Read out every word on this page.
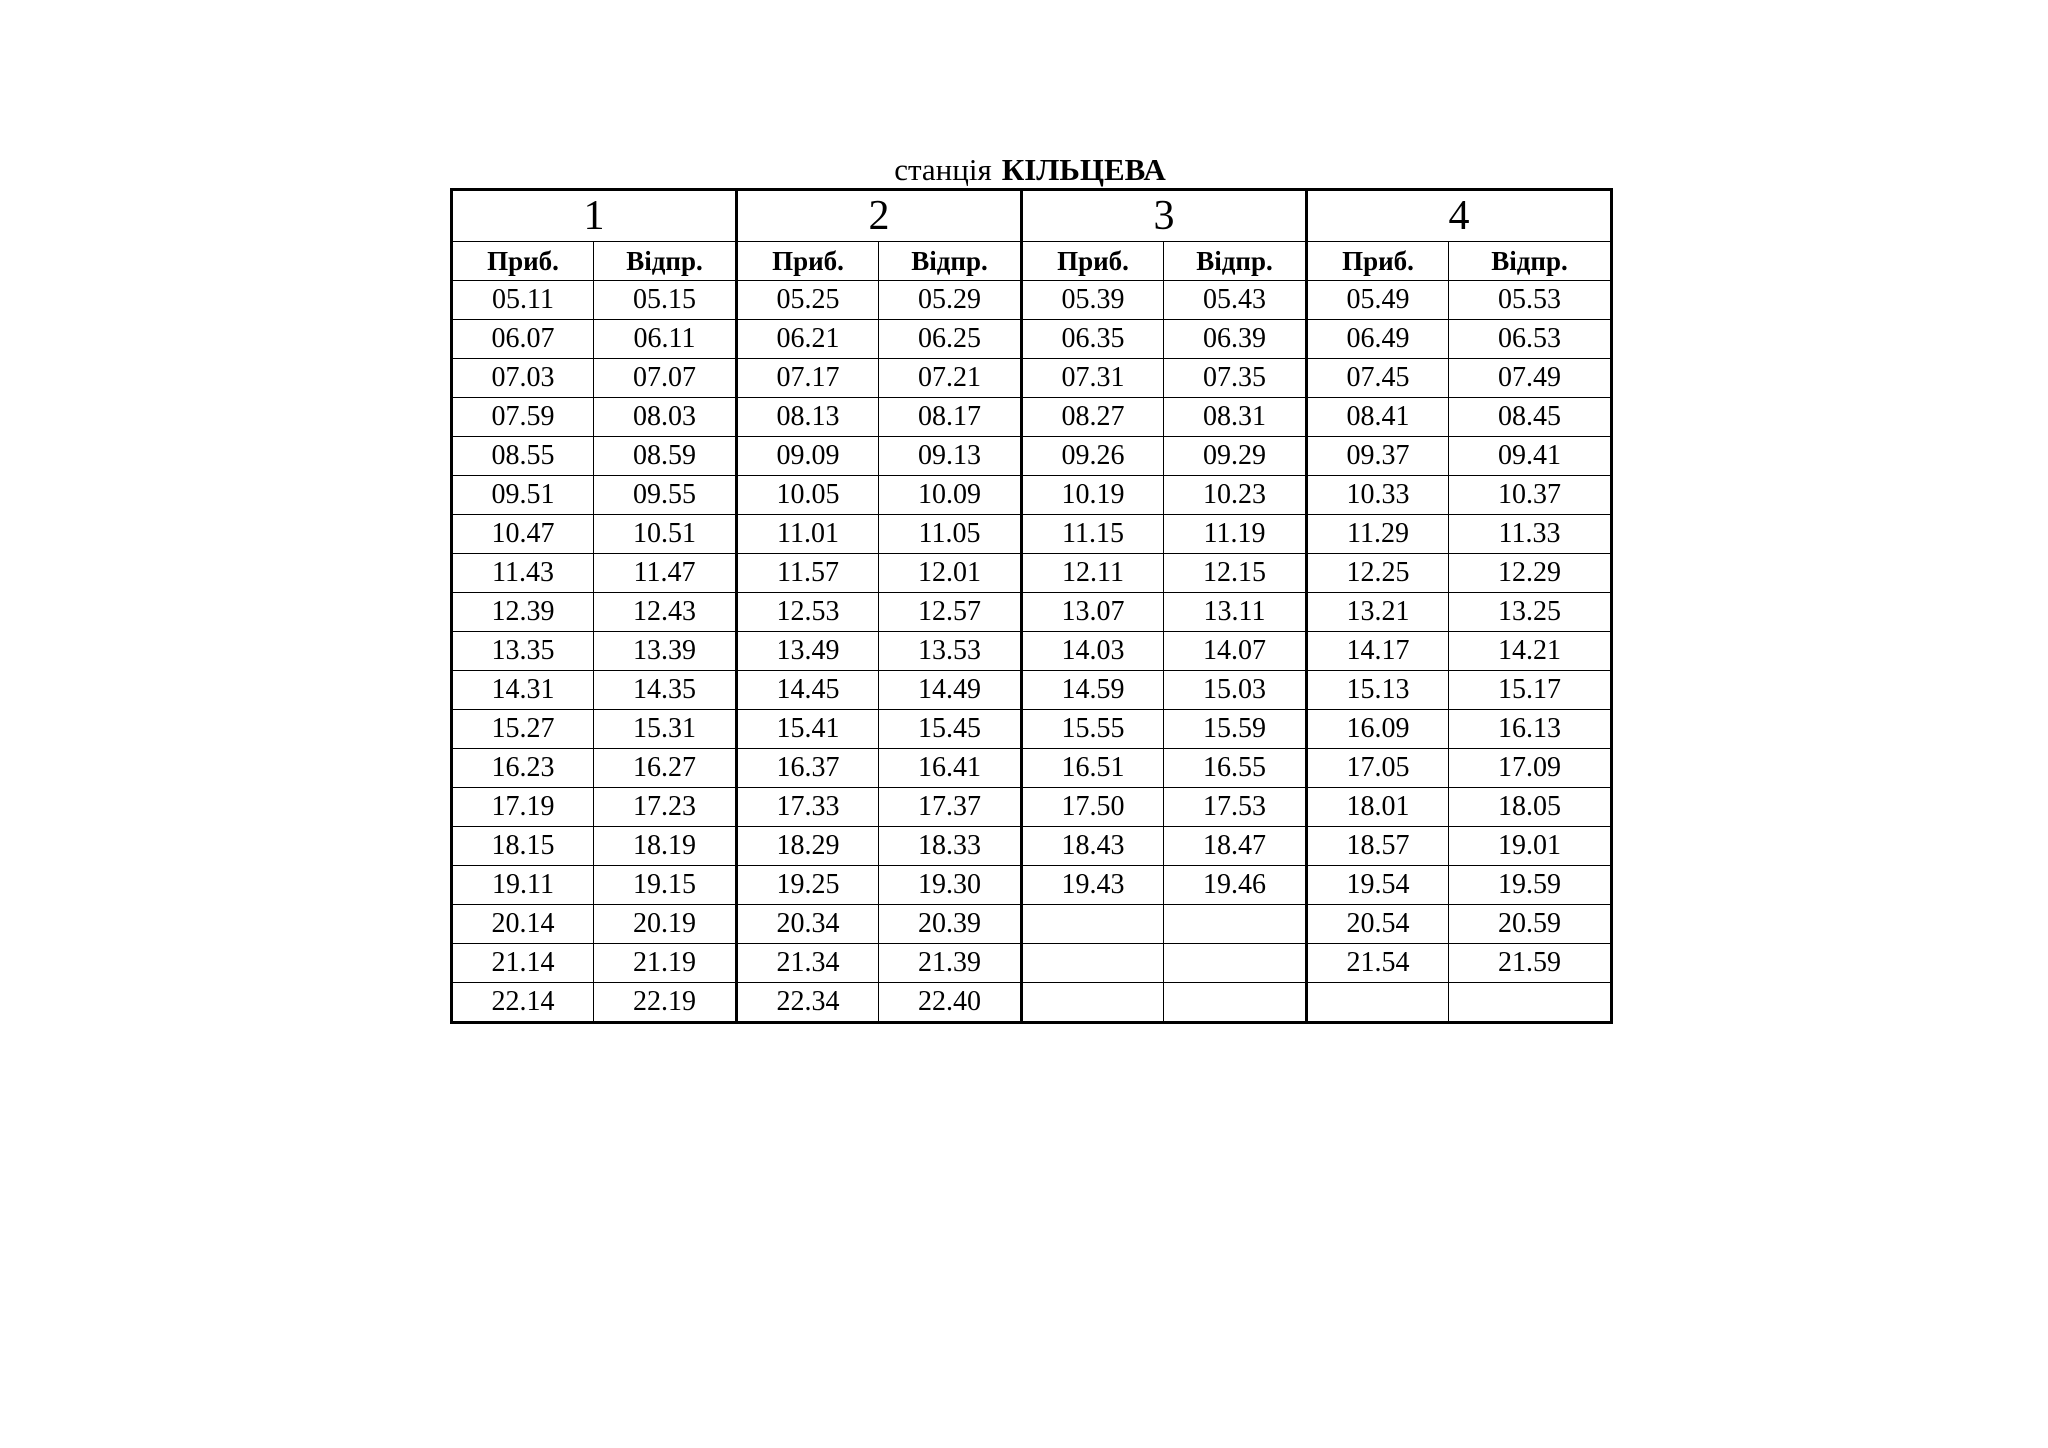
станція КІЛЬЦЕВА
1		2		3		4	
Приб.	Відпр.	Приб.	Відпр.	Приб.	Відпр.	Приб.	Відпр.
05.11	05.15	05.25	05.29	05.39	05.43	05.49	05.53
06.07	06.11	06.21	06.25	06.35	06.39	06.49	06.53
07.03	07.07	07.17	07.21	07.31	07.35	07.45	07.49
07.59	08.03	08.13	08.17	08.27	08.31	08.41	08.45
08.55	08.59	09.09	09.13	09.26	09.29	09.37	09.41
09.51	09.55	10.05	10.09	10.19	10.23	10.33	10.37
10.47	10.51	11.01	11.05	11.15	11.19	11.29	11.33
11.43	11.47	11.57	12.01	12.11	12.15	12.25	12.29
12.39	12.43	12.53	12.57	13.07	13.11	13.21	13.25
13.35	13.39	13.49	13.53	14.03	14.07	14.17	14.21
14.31	14.35	14.45	14.49	14.59	15.03	15.13	15.17
15.27	15.31	15.41	15.45	15.55	15.59	16.09	16.13
16.23	16.27	16.37	16.41	16.51	16.55	17.05	17.09
17.19	17.23	17.33	17.37	17.50	17.53	18.01	18.05
18.15	18.19	18.29	18.33	18.43	18.47	18.57	19.01
19.11	19.15	19.25	19.30	19.43	19.46	19.54	19.59
20.14	20.19	20.34	20.39			20.54	20.59
21.14	21.19	21.34	21.39			21.54	21.59
22.14	22.19	22.34	22.40				
